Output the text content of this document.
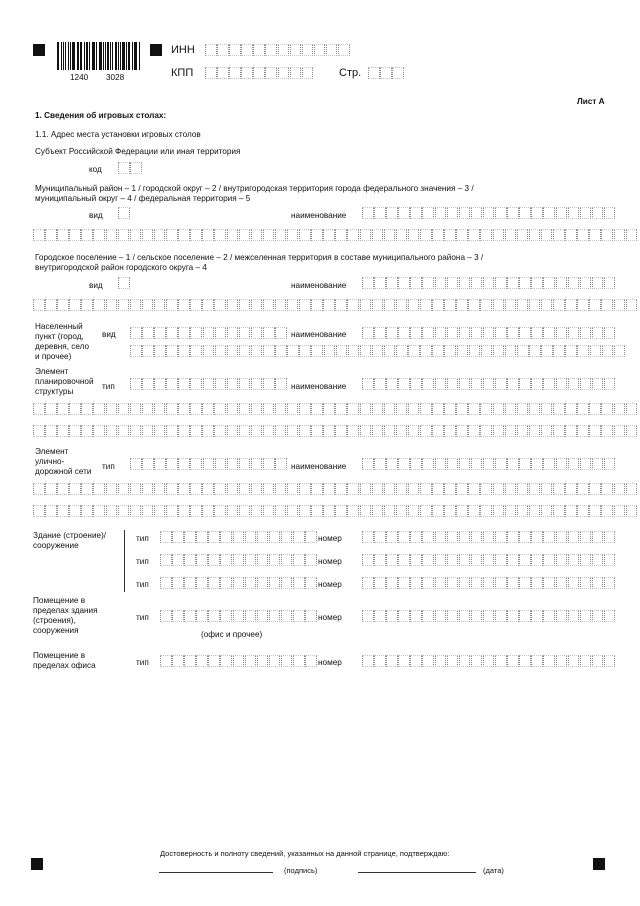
1240 3028
ИНН
КПП	Стр.
Лист А
1. Сведения об игровых столах:
1.1. Адрес места установки игровых столов
Субъект Российской Федерации или иная территория
код
Муниципальный район – 1 / городской округ – 2 / внутригородская территория города федерального значения – 3 /
муниципальный округ – 4 / федеральная территория – 5
вид	наименование
Городское поселение – 1 / сельское поселение – 2 / межселенная территория в составе муниципального района – 3 /
внутригородской район городского округа – 4
вид	наименование
Населенный
пункт (город,
деревня, село
и прочее)
вид	наименование
Элемент
планировочной
структуры
тип	наименование
Элемент
улично-
дорожной сети
тип	наименование
Здание (строение)/
сооружение
тип	номер
тип	номер
тип	номер
Помещение в
пределах здания
(строения),
сооружения
тип	номер
(офис и прочее)
Помещение в
пределах офиса	тип	номер
Достоверность и полноту сведений, указанных на данной странице, подтверждаю:
(подпись)	(дата)
